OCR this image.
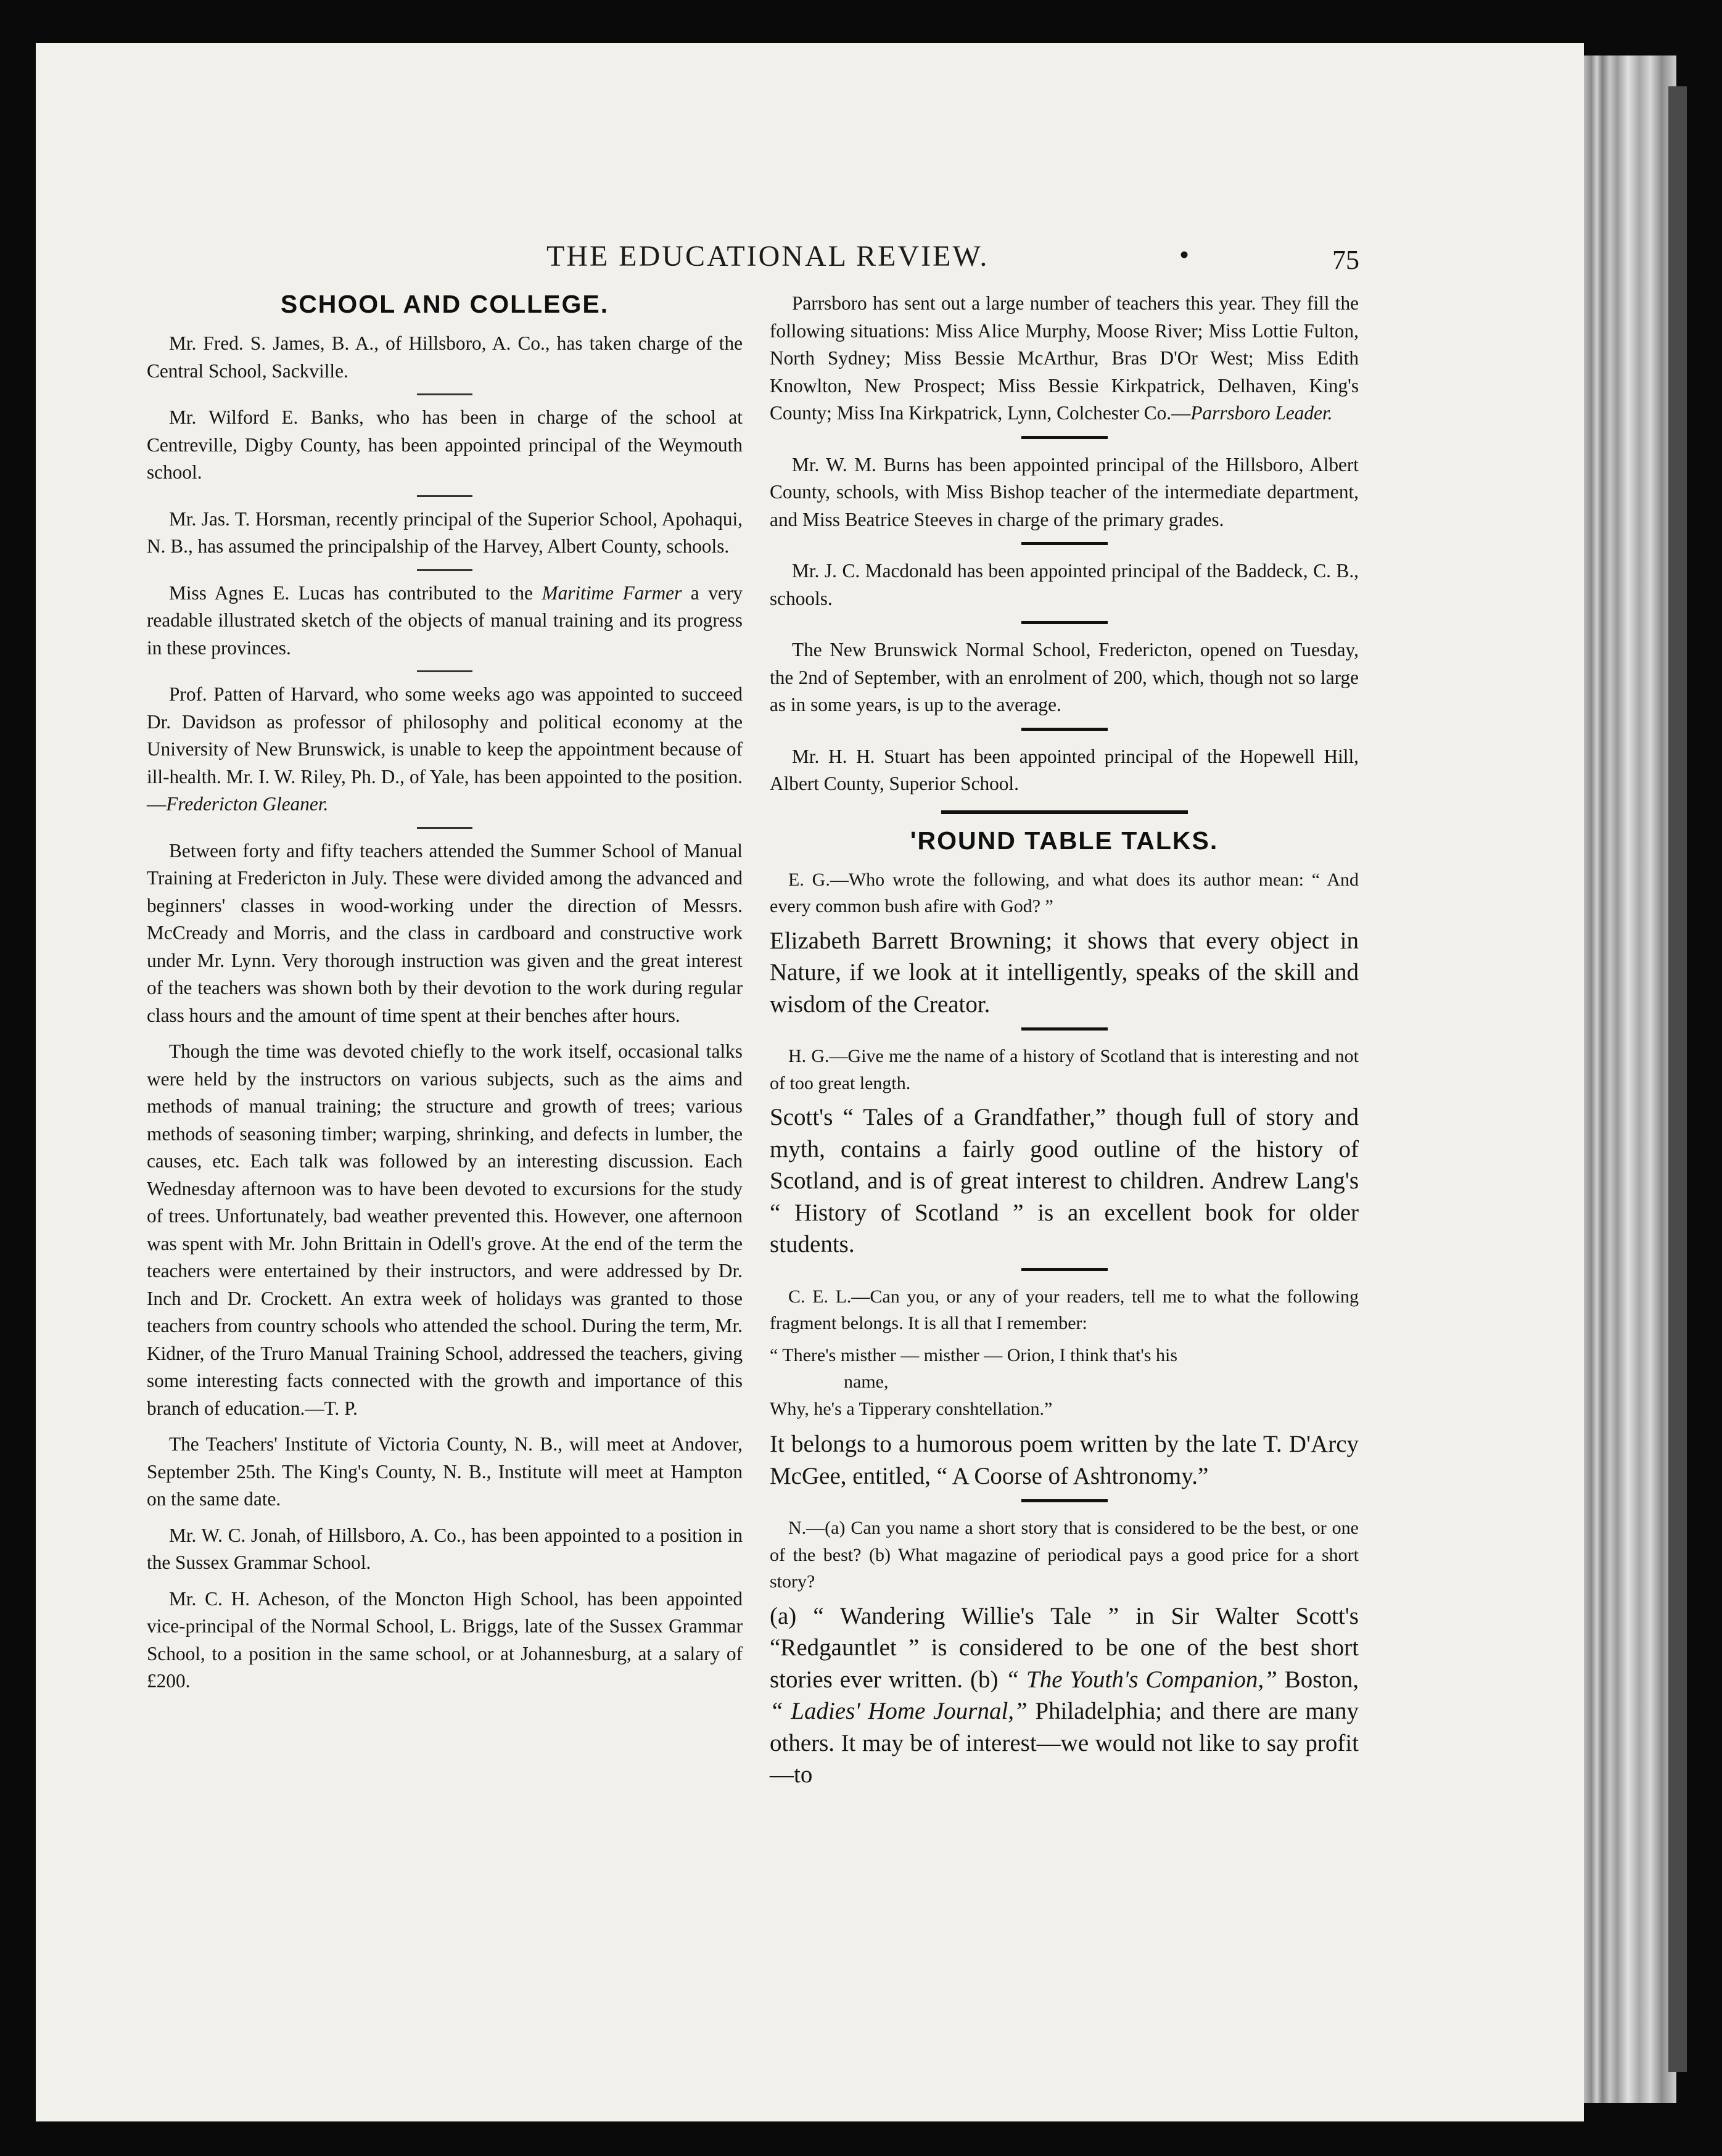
THE EDUCATIONAL REVIEW.	•	75
SCHOOL AND COLLEGE.

Mr. Fred. S. James, B. A., of Hillsboro, A. Co., has taken charge of the Central School, Sackville.

Mr. Wilford E. Banks, who has been in charge of the school at Centreville, Digby County, has been appointed principal of the Weymouth school.

Mr. Jas. T. Horsman, recently principal of the Superior School, Apohaqui, N. B., has assumed the principalship of the Harvey, Albert County, schools.

Miss Agnes E. Lucas has contributed to the Maritime Farmer a very readable illustrated sketch of the objects of manual training and its progress in these provinces.

Prof. Patten of Harvard, who some weeks ago was appointed to succeed Dr. Davidson as professor of philosophy and political economy at the University of New Brunswick, is unable to keep the appointment because of ill-health. Mr. I. W. Riley, Ph. D., of Yale, has been appointed to the position.—Fredericton Gleaner.

Between forty and fifty teachers attended the Summer School of Manual Training at Fredericton in July. These were divided among the advanced and beginners' classes in wood-working under the direction of Messrs. McCready and Morris, and the class in cardboard and constructive work under Mr. Lynn. Very thorough instruction was given and the great interest of the teachers was shown both by their devotion to the work during regular class hours and the amount of time spent at their benches after hours.

Though the time was devoted chiefly to the work itself, occasional talks were held by the instructors on various subjects, such as the aims and methods of manual training; the structure and growth of trees; various methods of seasoning timber; warping, shrinking, and defects in lumber, the causes, etc. Each talk was followed by an interesting discussion. Each Wednesday afternoon was to have been devoted to excursions for the study of trees. Unfortunately, bad weather prevented this. However, one afternoon was spent with Mr. John Brittain in Odell's grove. At the end of the term the teachers were entertained by their instructors, and were addressed by Dr. Inch and Dr. Crockett. An extra week of holidays was granted to those teachers from country schools who attended the school. During the term, Mr. Kidner, of the Truro Manual Training School, addressed the teachers, giving some interesting facts connected with the growth and importance of this branch of education.—T. P.

The Teachers' Institute of Victoria County, N. B., will meet at Andover, September 25th. The King's County, N. B., Institute will meet at Hampton on the same date.

Mr. W. C. Jonah, of Hillsboro, A. Co., has been appointed to a position in the Sussex Grammar School.

Mr. C. H. Acheson, of the Moncton High School, has been appointed vice-principal of the Normal School, L. Briggs, late of the Sussex Grammar School, to a position in the same school, or at Johannesburg, at a salary of £200.

Parrsboro has sent out a large number of teachers this year. They fill the following situations: Miss Alice Murphy, Moose River; Miss Lottie Fulton, North Sydney; Miss Bessie McArthur, Bras D'Or West; Miss Edith Knowlton, New Prospect; Miss Bessie Kirkpatrick, Delhaven, King's County; Miss Ina Kirkpatrick, Lynn, Colchester Co.—Parrsboro Leader.

Mr. W. M. Burns has been appointed principal of the Hillsboro, Albert County, schools, with Miss Bishop teacher of the intermediate department, and Miss Beatrice Steeves in charge of the primary grades.

Mr. J. C. Macdonald has been appointed principal of the Baddeck, C. B., schools.

The New Brunswick Normal School, Fredericton, opened on Tuesday, the 2nd of September, with an enrolment of 200, which, though not so large as in some years, is up to the average.

Mr. H. H. Stuart has been appointed principal of the Hopewell Hill, Albert County, Superior School.

'ROUND TABLE TALKS.

E. G.—Who wrote the following, and what does its author mean: “ And every common bush afire with God? ”

Elizabeth Barrett Browning; it shows that every object in Nature, if we look at it intelligently, speaks of the skill and wisdom of the Creator.

H. G.—Give me the name of a history of Scotland that is interesting and not of too great length.

Scott's “ Tales of a Grandfather,” though full of story and myth, contains a fairly good outline of the history of Scotland, and is of great interest to children. Andrew Lang's “ History of Scotland ” is an excellent book for older students.

C. E. L.—Can you, or any of your readers, tell me to what the following fragment belongs. It is all that I remember:

“ There's misther — misther — Orion, I think that's his
name,
Why, he's a Tipperary conshtellation.”

It belongs to a humorous poem written by the late T. D'Arcy McGee, entitled, “ A Coorse of Ashtronomy.”

N.—(a) Can you name a short story that is considered to be the best, or one of the best? (b) What magazine of periodical pays a good price for a short story?

(a) “ Wandering Willie's Tale ” in Sir Walter Scott's “Redgauntlet ” is considered to be one of the best short stories ever written. (b) “ The Youth's Companion,” Boston, “ Ladies' Home Journal,” Philadelphia; and there are many others. It may be of interest—we would not like to say profit—to
